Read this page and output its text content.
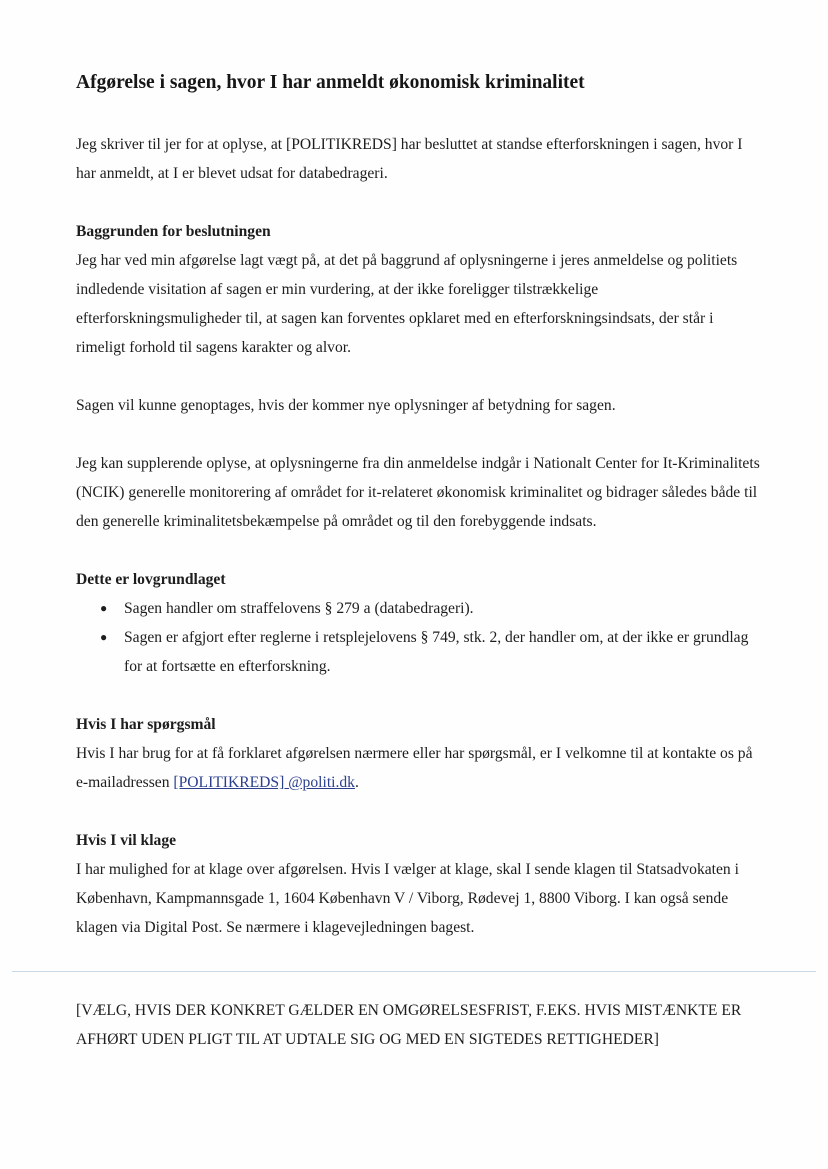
Afgørelse i sagen, hvor I har anmeldt økonomisk kriminalitet

Jeg skriver til jer for at oplyse, at [POLITIKREDS] har besluttet at standse efterforskningen i sagen, hvor I har anmeldt, at I er blevet udsat for databedrageri.

Baggrunden for beslutningen

Jeg har ved min afgørelse lagt vægt på, at det på baggrund af oplysningerne i jeres anmeldelse og politiets indledende visitation af sagen er min vurdering, at der ikke foreligger tilstrækkelige efterforskningsmuligheder til, at sagen kan forventes opklaret med en efterforskningsindsats, der står i rimeligt forhold til sagens karakter og alvor.

Sagen vil kunne genoptages, hvis der kommer nye oplysninger af betydning for sagen.

Jeg kan supplerende oplyse, at oplysningerne fra din anmeldelse indgår i Nationalt Center for It-Kriminalitets (NCIK) generelle monitorering af området for it-relateret økonomisk kriminalitet og bidrager således både til den generelle kriminalitetsbekæmpelse på området og til den forebyggende indsats.

Dette er lovgrundlaget

● Sagen handler om straffelovens § 279 a (databedrageri).
● Sagen er afgjort efter reglerne i retsplejelovens § 749, stk. 2, der handler om, at der ikke er grundlag for at fortsætte en efterforskning.

Hvis I har spørgsmål

Hvis I har brug for at få forklaret afgørelsen nærmere eller har spørgsmål, er I velkomne til at kontakte os på e-mailadressen [POLITIKREDS] @politi.dk.

Hvis I vil klage

I har mulighed for at klage over afgørelsen. Hvis I vælger at klage, skal I sende klagen til Statsadvokaten i København, Kampmannsgade 1, 1604 København V / Viborg, Rødevej 1, 8800 Viborg. I kan også sende klagen via Digital Post. Se nærmere i klagevejledningen bagest.

[VÆLG, HVIS DER KONKRET GÆLDER EN OMGØRELSESFRIST, F.EKS. HVIS MISTÆNKTE ER AFHØRT UDEN PLIGT TIL AT UDTALE SIG OG MED EN SIGTEDES RETTIGHEDER]
